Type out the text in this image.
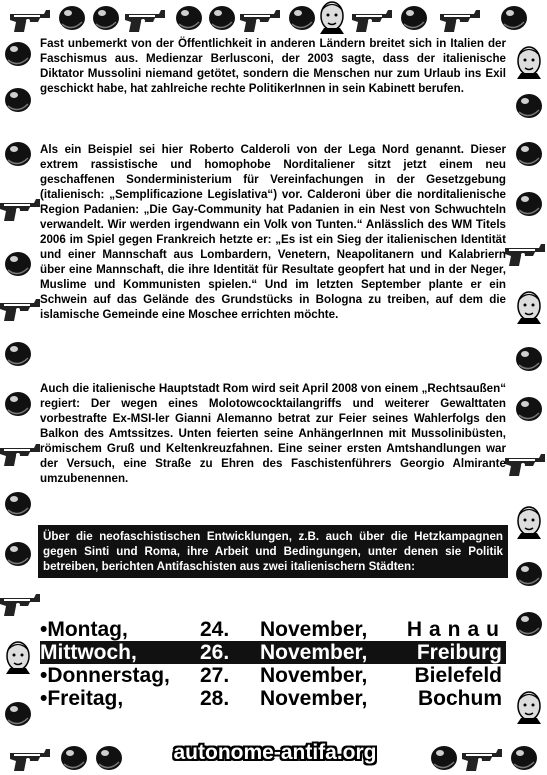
Fast unbemerkt von der Öffentlichkeit in anderen Ländern breitet sich in Italien der Faschismus aus. Medienzar Berlusconi, der 2003 sagte, dass der italienische Diktator Mussolini niemand getötet, sondern die Menschen nur zum Urlaub ins Exil geschickt habe, hat zahlreiche rechte PolitikerInnen in sein Kabinett berufen.

Als ein Beispiel sei hier Roberto Calderoli von der Lega Nord genannt. Dieser extrem rassistische und homophobe Norditaliener sitzt jetzt einem neu geschaffenen Sonderministerium für Vereinfachungen in der Gesetzgebung (italienisch: „Semplificazione Legislativa“) vor. Calderoni über die norditalienische Region Padanien: „Die Gay-Community hat Padanien in ein Nest von Schwuchteln verwandelt. Wir werden irgendwann ein Volk von Tunten.“ Anlässlich des WM Titels 2006 im Spiel gegen Frankreich hetzte er: „Es ist ein Sieg der italienischen Identität und einer Mannschaft aus Lombardern, Venetern, Neapolitanern und Kalabriern über eine Mannschaft, die ihre Identität für Resultate geopfert hat und in der Neger, Muslime und Kommunisten spielen.“ Und im letzten September plante er ein Schwein auf das Gelände des Grundstücks in Bologna zu treiben, auf dem die islamische Gemeinde eine Moschee errichten möchte.

Auch die italienische Hauptstadt Rom wird seit April 2008 von einem „Rechtsaußen“ regiert: Der wegen eines Molotowcocktailangriffs und weiterer Gewalttaten vorbestrafte Ex-MSI-ler Gianni Alemanno betrat zur Feier seines Wahlerfolgs den Balkon des Amtssitzes. Unten feierten seine AnhängerInnen mit Mussolinibüsten, römischem Gruß und Keltenkreuzfahnen. Eine seiner ersten Amtshandlungen war der Versuch, eine Straße zu Ehren des Faschistenführers Georgio Almirante umzubenennen.

Über die neofaschistischen Entwicklungen, z.B. auch über die Hetzkampagnen gegen Sinti und Roma, ihre Arbeit und Bedingungen, unter denen sie Politik betreiben, berichten Antifaschisten aus zwei italienischern Städten:

•Montag,	24. November, Hanau
Mittwoch,	26. November, Freiburg
•Donnerstag, 27. November, Bielefeld
•Freitag,	28. November, Bochum
autonome-antifa.org
